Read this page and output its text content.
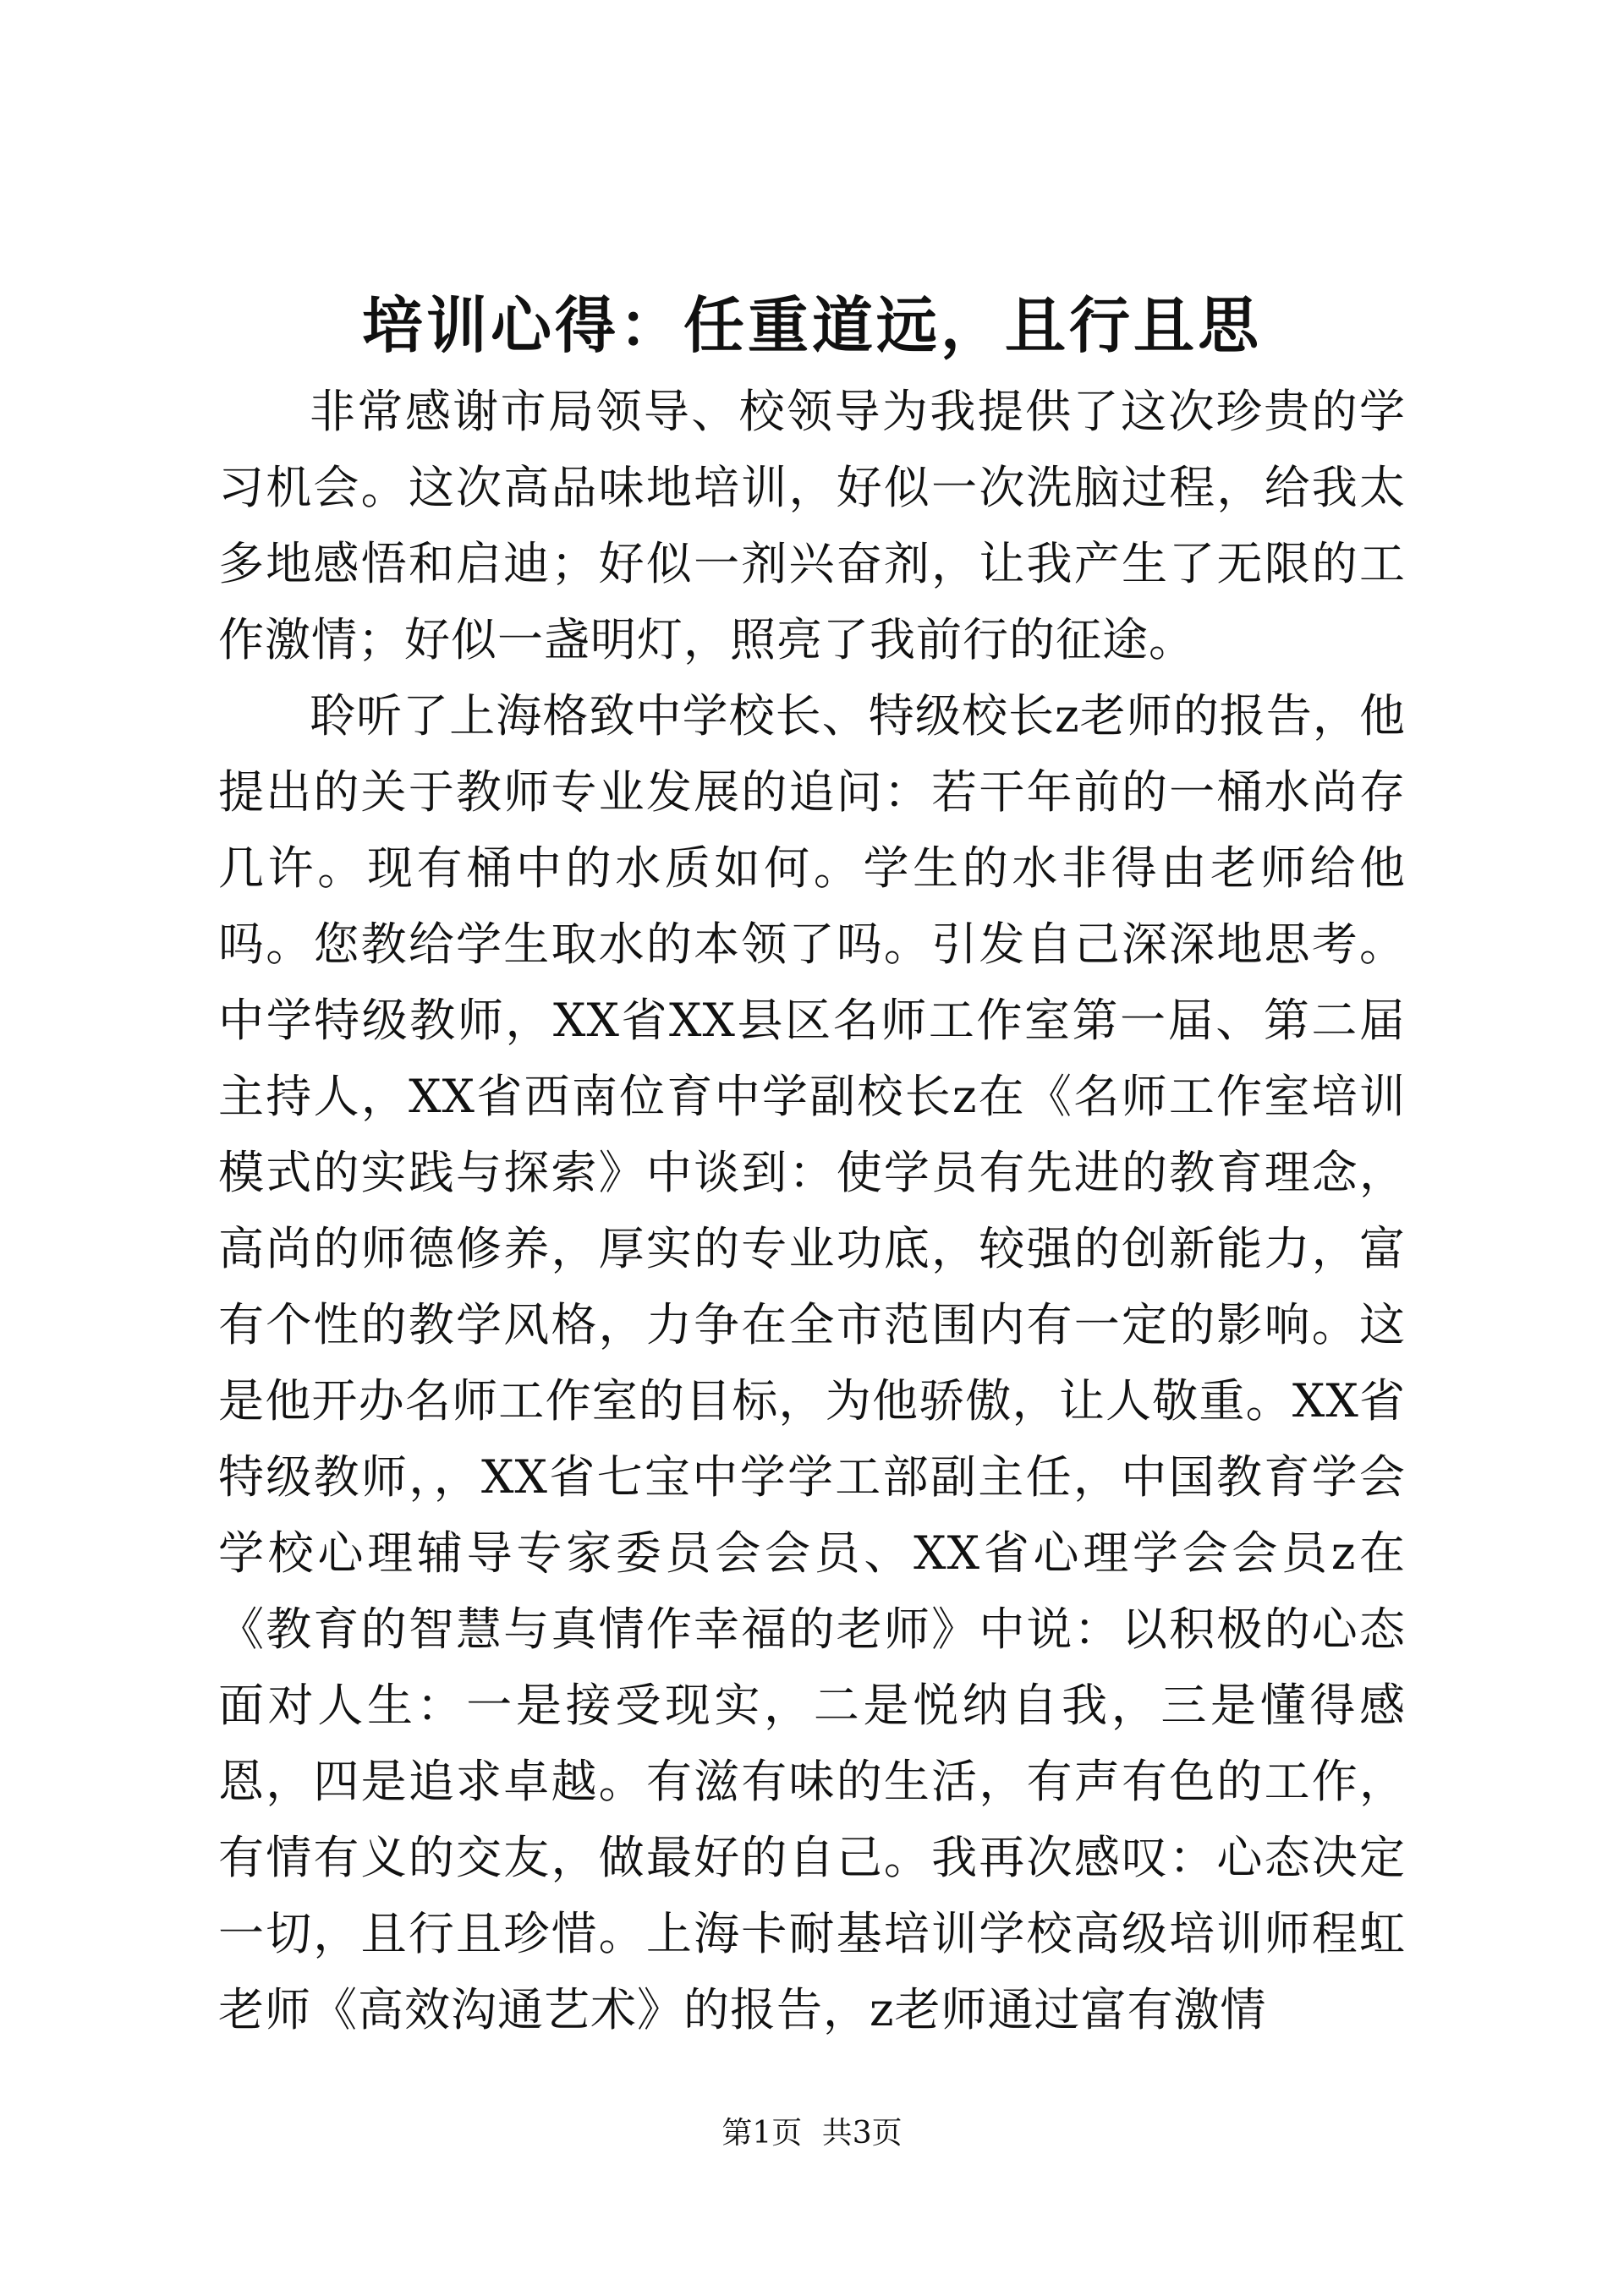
培训心得：任重道远，且行且思

非常感谢市局领导、校领导为我提供了这次珍贵的学习机会。这次高品味地培训，好似一次洗脑过程，给我太多地感悟和启迪；好似一剂兴奋剂，让我产生了无限的工作激情；好似一盏明灯，照亮了我前行的征途。

聆听了上海格致中学校长、特级校长z老师的报告，他提出的关于教师专业发展的追问：若干年前的一桶水尚存几许。现有桶中的水质如何。学生的水非得由老师给他吗。您教给学生取水的本领了吗。引发自己深深地思考。中学特级教师，XX省XX县区名师工作室第一届、第二届主持人，XX省西南位育中学副校长z在《名师工作室培训模式的实践与探索》中谈到：使学员有先进的教育理念，高尚的师德修养，厚实的专业功底，较强的创新能力，富有个性的教学风格，力争在全市范围内有一定的影响。这是他开办名师工作室的目标，为他骄傲，让人敬重。XX省特级教师，，XX省七宝中学学工部副主任，中国教育学会学校心理辅导专家委员会会员、XX省心理学会会员z在《教育的智慧与真情作幸福的老师》中说：以积极的心态面对人生：一是接受现实，二是悦纳自我，三是懂得感恩，四是追求卓越。有滋有味的生活，有声有色的工作，有情有义的交友，做最好的自己。我再次感叹：心态决定一切，且行且珍惜。上海卡耐基培训学校高级培训师程虹老师《高效沟通艺术》的报告，z老师通过富有激情

第1页 共3页
